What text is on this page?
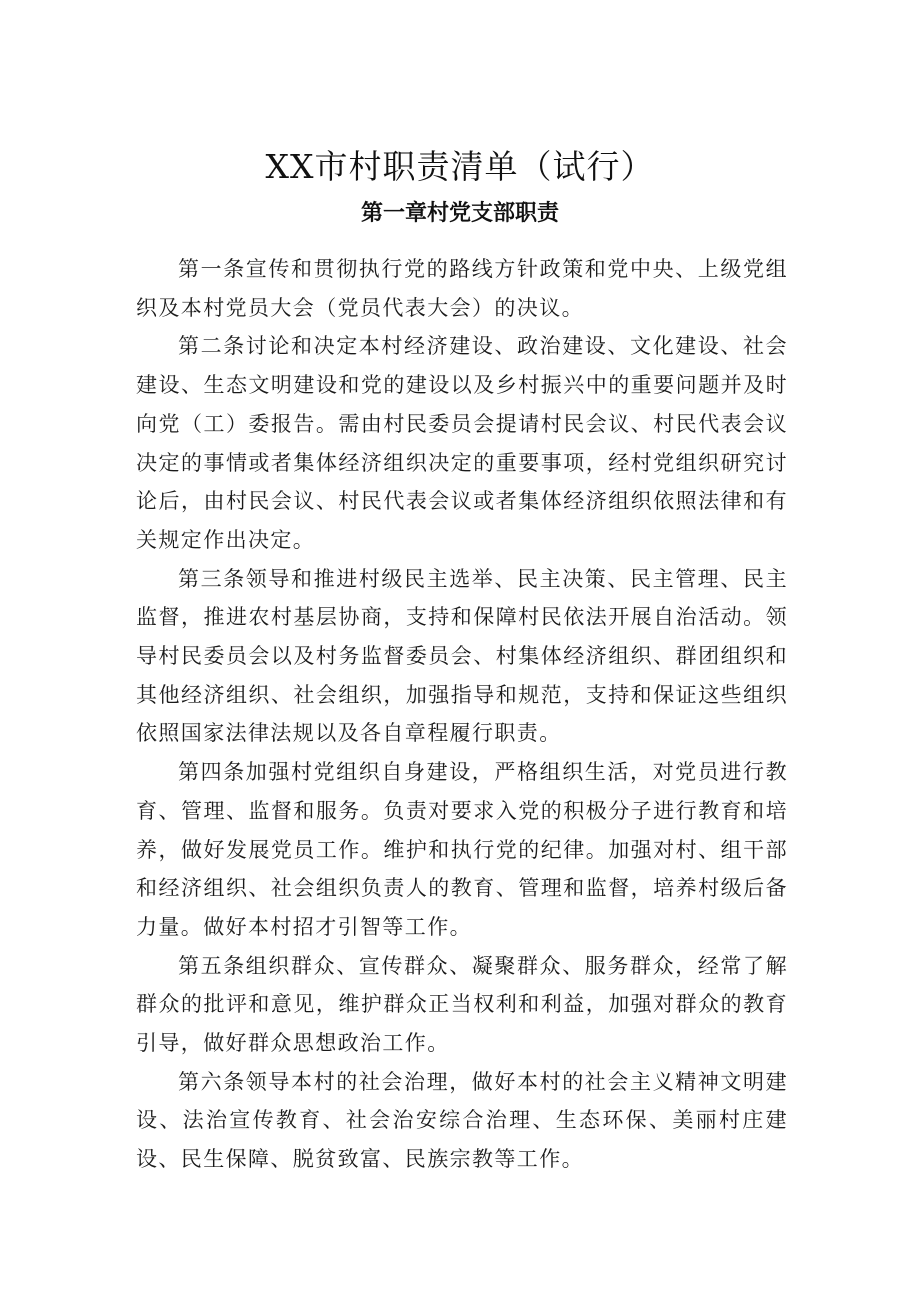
XX市村职责清单（试行）
第一章村党支部职责

第一条宣传和贯彻执行党的路线方针政策和党中央、上级党组织及本村党员大会（党员代表大会）的决议。

第二条讨论和决定本村经济建设、政治建设、文化建设、社会建设、生态文明建设和党的建设以及乡村振兴中的重要问题并及时向党（工）委报告。需由村民委员会提请村民会议、村民代表会议决定的事情或者集体经济组织决定的重要事项，经村党组织研究讨论后，由村民会议、村民代表会议或者集体经济组织依照法律和有关规定作出决定。

第三条领导和推进村级民主选举、民主决策、民主管理、民主监督，推进农村基层协商，支持和保障村民依法开展自治活动。领导村民委员会以及村务监督委员会、村集体经济组织、群团组织和其他经济组织、社会组织，加强指导和规范，支持和保证这些组织依照国家法律法规以及各自章程履行职责。

第四条加强村党组织自身建设，严格组织生活，对党员进行教育、管理、监督和服务。负责对要求入党的积极分子进行教育和培养，做好发展党员工作。维护和执行党的纪律。加强对村、组干部和经济组织、社会组织负责人的教育、管理和监督，培养村级后备力量。做好本村招才引智等工作。

第五条组织群众、宣传群众、凝聚群众、服务群众，经常了解群众的批评和意见，维护群众正当权利和利益，加强对群众的教育引导，做好群众思想政治工作。

第六条领导本村的社会治理，做好本村的社会主义精神文明建设、法治宣传教育、社会治安综合治理、生态环保、美丽村庄建设、民生保障、脱贫致富、民族宗教等工作。
